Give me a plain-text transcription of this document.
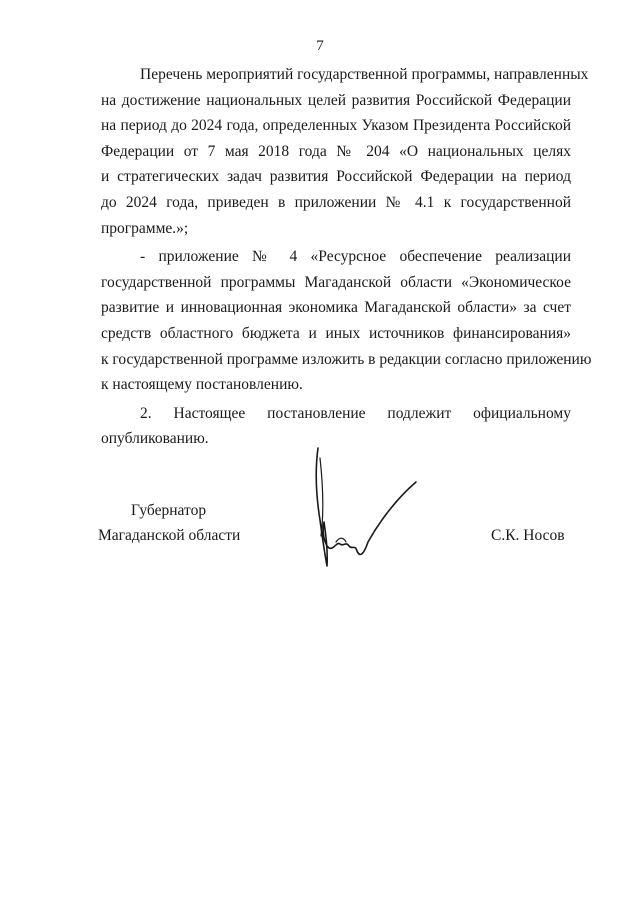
7

Перечень мероприятий государственной программы, направленных
на достижение национальных целей развития Российской Федерации
на период до 2024 года, определенных Указом Президента Российской
Федерации от 7 мая 2018 года № 204 «О национальных целях
и стратегических задач развития Российской Федерации на период
до 2024 года, приведен в приложении № 4.1 к государственной
программе.»;

- приложение № 4 «Ресурсное обеспечение реализации
государственной программы Магаданской области «Экономическое
развитие и инновационная экономика Магаданской области» за счет
средств областного бюджета и иных источников финансирования»
к государственной программе изложить в редакции согласно приложению
к настоящему постановлению.

2. Настоящее постановление подлежит официальному
опубликованию.

Губернатор
Магаданской области	С.К. Носов
